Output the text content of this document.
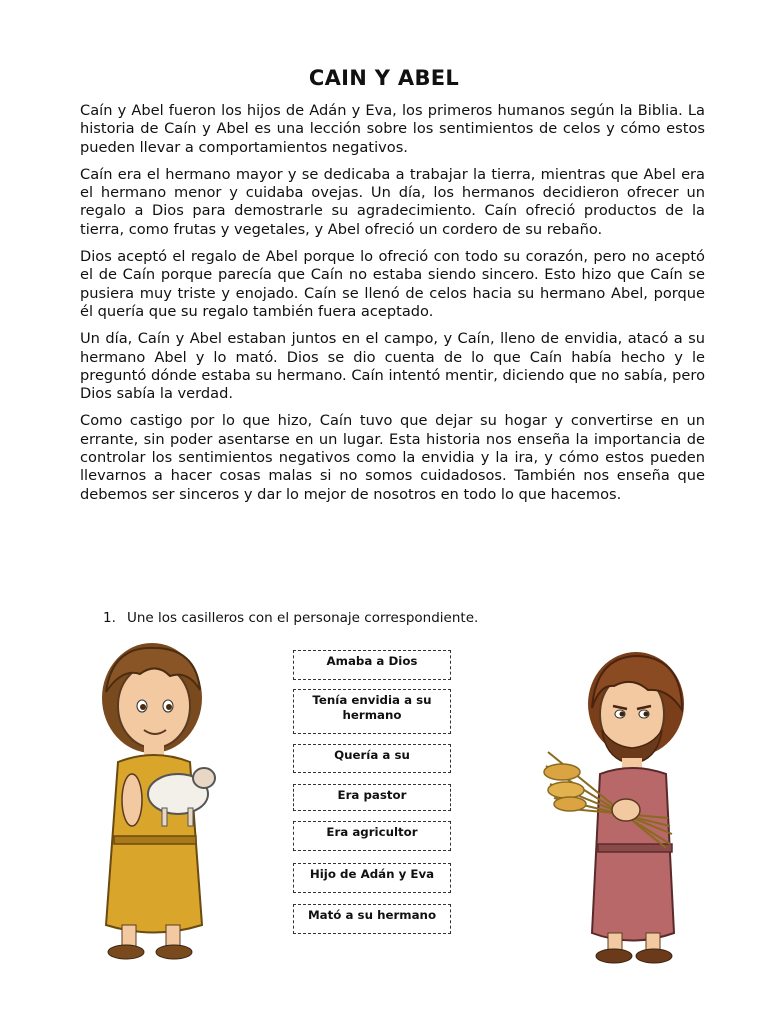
CAIN Y ABEL

Caín y Abel fueron los hijos de Adán y Eva, los primeros humanos según la Biblia. La historia de Caín y Abel es una lección sobre los sentimientos de celos y cómo estos pueden llevar a comportamientos negativos.

Caín era el hermano mayor y se dedicaba a trabajar la tierra, mientras que Abel era el hermano menor y cuidaba ovejas. Un día, los hermanos decidieron ofrecer un regalo a Dios para demostrarle su agradecimiento. Caín ofreció productos de la tierra, como frutas y vegetales, y Abel ofreció un cordero de su rebaño.

Dios aceptó el regalo de Abel porque lo ofreció con todo su corazón, pero no aceptó el de Caín porque parecía que Caín no estaba siendo sincero. Esto hizo que Caín se pusiera muy triste y enojado. Caín se llenó de celos hacia su hermano Abel, porque él quería que su regalo también fuera aceptado.

Un día, Caín y Abel estaban juntos en el campo, y Caín, lleno de envidia, atacó a su hermano Abel y lo mató. Dios se dio cuenta de lo que Caín había hecho y le preguntó dónde estaba su hermano. Caín intentó mentir, diciendo que no sabía, pero Dios sabía la verdad.

Como castigo por lo que hizo, Caín tuvo que dejar su hogar y convertirse en un errante, sin poder asentarse en un lugar. Esta historia nos enseña la importancia de controlar los sentimientos negativos como la envidia y la ira, y cómo estos pueden llevarnos a hacer cosas malas si no somos cuidadosos. También nos enseña que debemos ser sinceros y dar lo mejor de nosotros en todo lo que hacemos.

1. Une los casilleros con el personaje correspondiente.
Amaba a Dios
Tenía envidia a su hermano
Quería a su
Era pastor
Era agricultor
Hijo de Adán y Eva
Mató a su hermano
